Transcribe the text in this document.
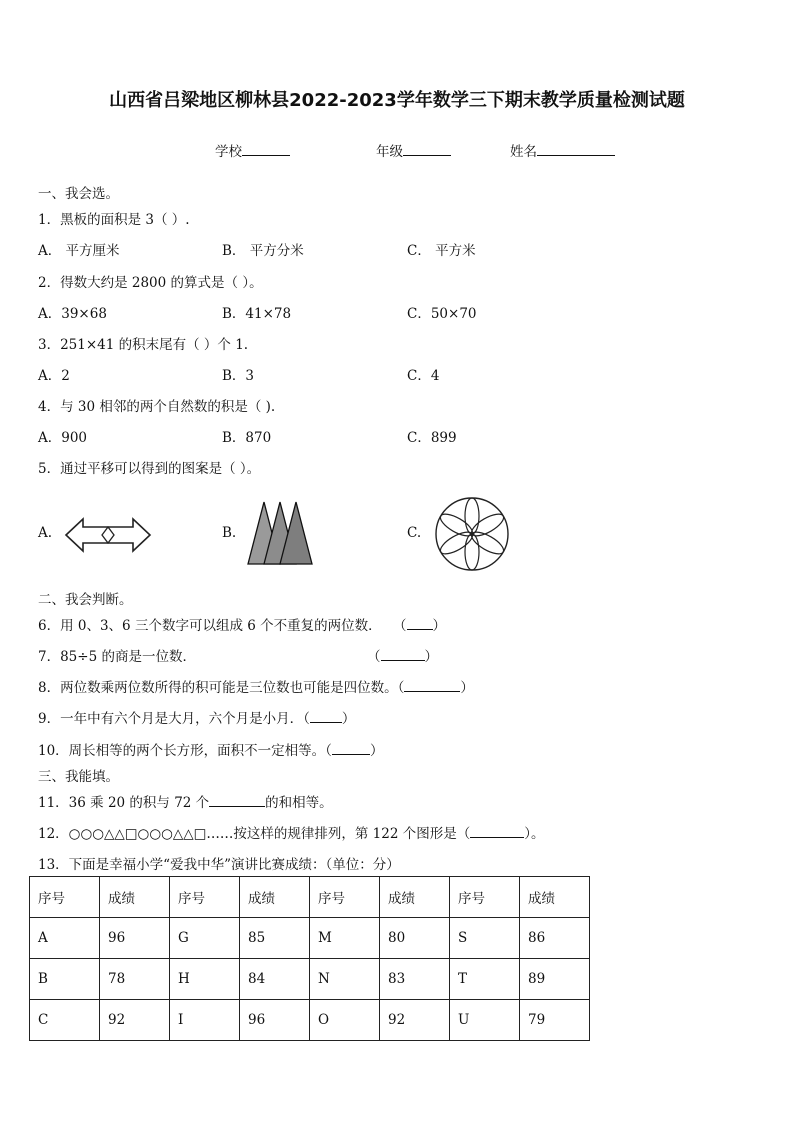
山西省吕梁地区柳林县2022-2023学年数学三下期末教学质量检测试题
学校	年级	姓名
一、我会选。
1．黑板的面积是 3（ ）.
A． 平方厘米	B． 平方分米	C． 平方米
2．得数大约是 2800 的算式是（ ）。
A．39×68	B．41×78	C．50×70
3．251×41 的积末尾有（ ）个 1.
A．2	B．3	C．4
4．与 30 相邻的两个自然数的积是（ ).
A．900	B．870	C．899
5．通过平移可以得到的图案是（ ）。
A.	B.	C.
二、我会判断。
6．用 0、3、6 三个数字可以组成 6 个不重复的两位数． （ ）
7．85÷5 的商是一位数．	（	）
8．两位数乘两位数所得的积可能是三位数也可能是四位数。（	）
9．一年中有六个月是大月，六个月是小月．（ ）
10．周长相等的两个长方形，面积不一定相等。（	）
三、我能填。
11．36 乘 20 的积与 72 个	的和相等。
12．○○○△△□○○○△△□……按这样的规律排列，第 122 个图形是（	）。
13．下面是幸福小学“爱我中华”演讲比赛成绩：（单位：分）
序号	成绩	序号	成绩	序号	成绩	序号	成绩
A	96	G	85	M	80	S	86
B	78	H	84	N	83	T	89
C	92	I	96	O	92	U	79
